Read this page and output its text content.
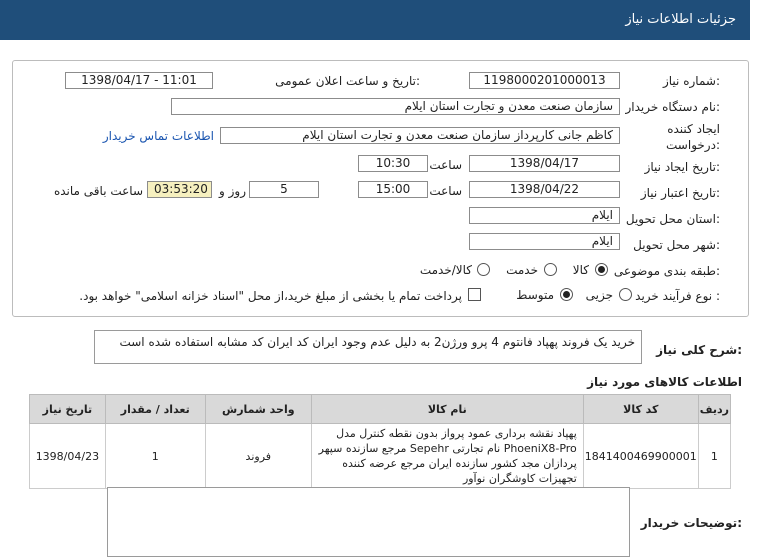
جزئیات اطلاعات نیاز
شماره نیاز:
1198000201000013
تاریخ و ساعت اعلان عمومی:
1398/04/17 - 11:01
نام دستگاه خریدار:
سازمان صنعت معدن و تجارت استان ایلام
ایجاد کننده
درخواست:
کاظم جانی کارپرداز سازمان صنعت معدن و تجارت استان ایلام
اطلاعات تماس خریدار
تاریخ ایجاد نیاز:
1398/04/17
ساعت
10:30
تاریخ اعتبار نیاز:
1398/04/22
ساعت
15:00
5
روز و
03:53:20
ساعت باقی مانده
استان محل تحویل:
ایلام
شهر محل تحویل:
ایلام
طبقه بندی موضوعی:
کالا
خدمت
کالا/خدمت
نوع فرآیند خرید :
جزیی
متوسط
پرداخت تمام یا بخشی از مبلغ خرید،از محل "اسناد خزانه اسلامی" خواهد بود.
شرح کلی نیاز:
خرید یک فروند پهپاد فانتوم 4 پرو ورژن2 به دلیل عدم وجود ایران کد ایران کد مشابه استفاده شده است
اطلاعات کالاهای مورد نیاز
ردیف	کد کالا	نام کالا	واحد شمارش	تعداد / مقدار	تاریخ نیاز
1	1841400469900001	پهپاد نقشه برداری عمود پرواز بدون نقطه کنترل مدل PhoeniX8-Pro نام تجارتی Sepehr مرجع سازنده سپهر پردازان مجد کشور سازنده ایران مرجع عرضه کننده تجهیزات کاوشگران نوآور	فروند	1	1398/04/23
توضیحات خریدار:
